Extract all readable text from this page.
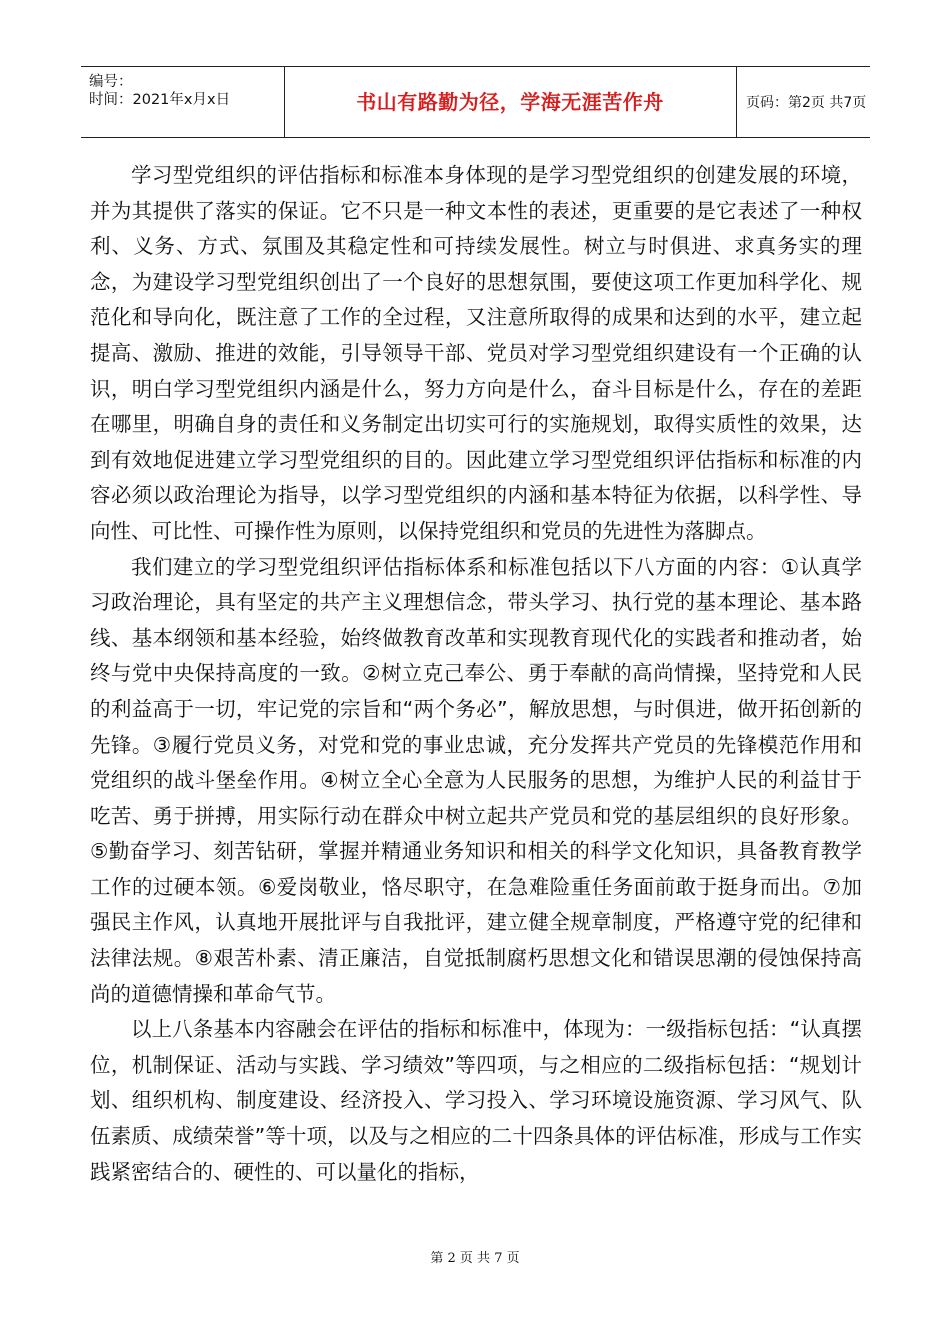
编号：
时间：2021年x月x日	书山有路勤为径，学海无涯苦作舟	页码：第2页 共7页

学习型党组织的评估指标和标准本身体现的是学习型党组织的创建发展的环境，并为其提供了落实的保证。它不只是一种文本性的表述，更重要的是它表述了一种权利、义务、方式、氛围及其稳定性和可持续发展性。树立与时俱进、求真务实的理念，为建设学习型党组织创出了一个良好的思想氛围，要使这项工作更加科学化、规范化和导向化，既注意了工作的全过程，又注意所取得的成果和达到的水平，建立起提高、激励、推进的效能，引导领导干部、党员对学习型党组织建设有一个正确的认识，明白学习型党组织内涵是什么，努力方向是什么，奋斗目标是什么，存在的差距在哪里，明确自身的责任和义务制定出切实可行的实施规划，取得实质性的效果，达到有效地促进建立学习型党组织的目的。因此建立学习型党组织评估指标和标准的内容必须以政治理论为指导，以学习型党组织的内涵和基本特征为依据，以科学性、导向性、可比性、可操作性为原则，以保持党组织和党员的先进性为落脚点。

我们建立的学习型党组织评估指标体系和标准包括以下八方面的内容：①认真学习政治理论，具有坚定的共产主义理想信念，带头学习、执行党的基本理论、基本路线、基本纲领和基本经验，始终做教育改革和实现教育现代化的实践者和推动者，始终与党中央保持高度的一致。②树立克己奉公、勇于奉献的高尚情操，坚持党和人民的利益高于一切，牢记党的宗旨和“两个务必”，解放思想，与时俱进，做开拓创新的先锋。③履行党员义务，对党和党的事业忠诚，充分发挥共产党员的先锋模范作用和党组织的战斗堡垒作用。④树立全心全意为人民服务的思想，为维护人民的利益甘于吃苦、勇于拼搏，用实际行动在群众中树立起共产党员和党的基层组织的良好形象。⑤勤奋学习、刻苦钻研，掌握并精通业务知识和相关的科学文化知识，具备教育教学工作的过硬本领。⑥爱岗敬业，恪尽职守，在急难险重任务面前敢于挺身而出。⑦加强民主作风，认真地开展批评与自我批评，建立健全规章制度，严格遵守党的纪律和法律法规。⑧艰苦朴素、清正廉洁，自觉抵制腐朽思想文化和错误思潮的侵蚀保持高尚的道德情操和革命气节。

以上八条基本内容融会在评估的指标和标准中，体现为：一级指标包括：“认真摆位，机制保证、活动与实践、学习绩效”等四项，与之相应的二级指标包括：“规划计划、组织机构、制度建设、经济投入、学习投入、学习环境设施资源、学习风气、队伍素质、成绩荣誉”等十项，以及与之相应的二十四条具体的评估标准，形成与工作实践紧密结合的、硬性的、可以量化的指标，

第 2 页 共 7 页
